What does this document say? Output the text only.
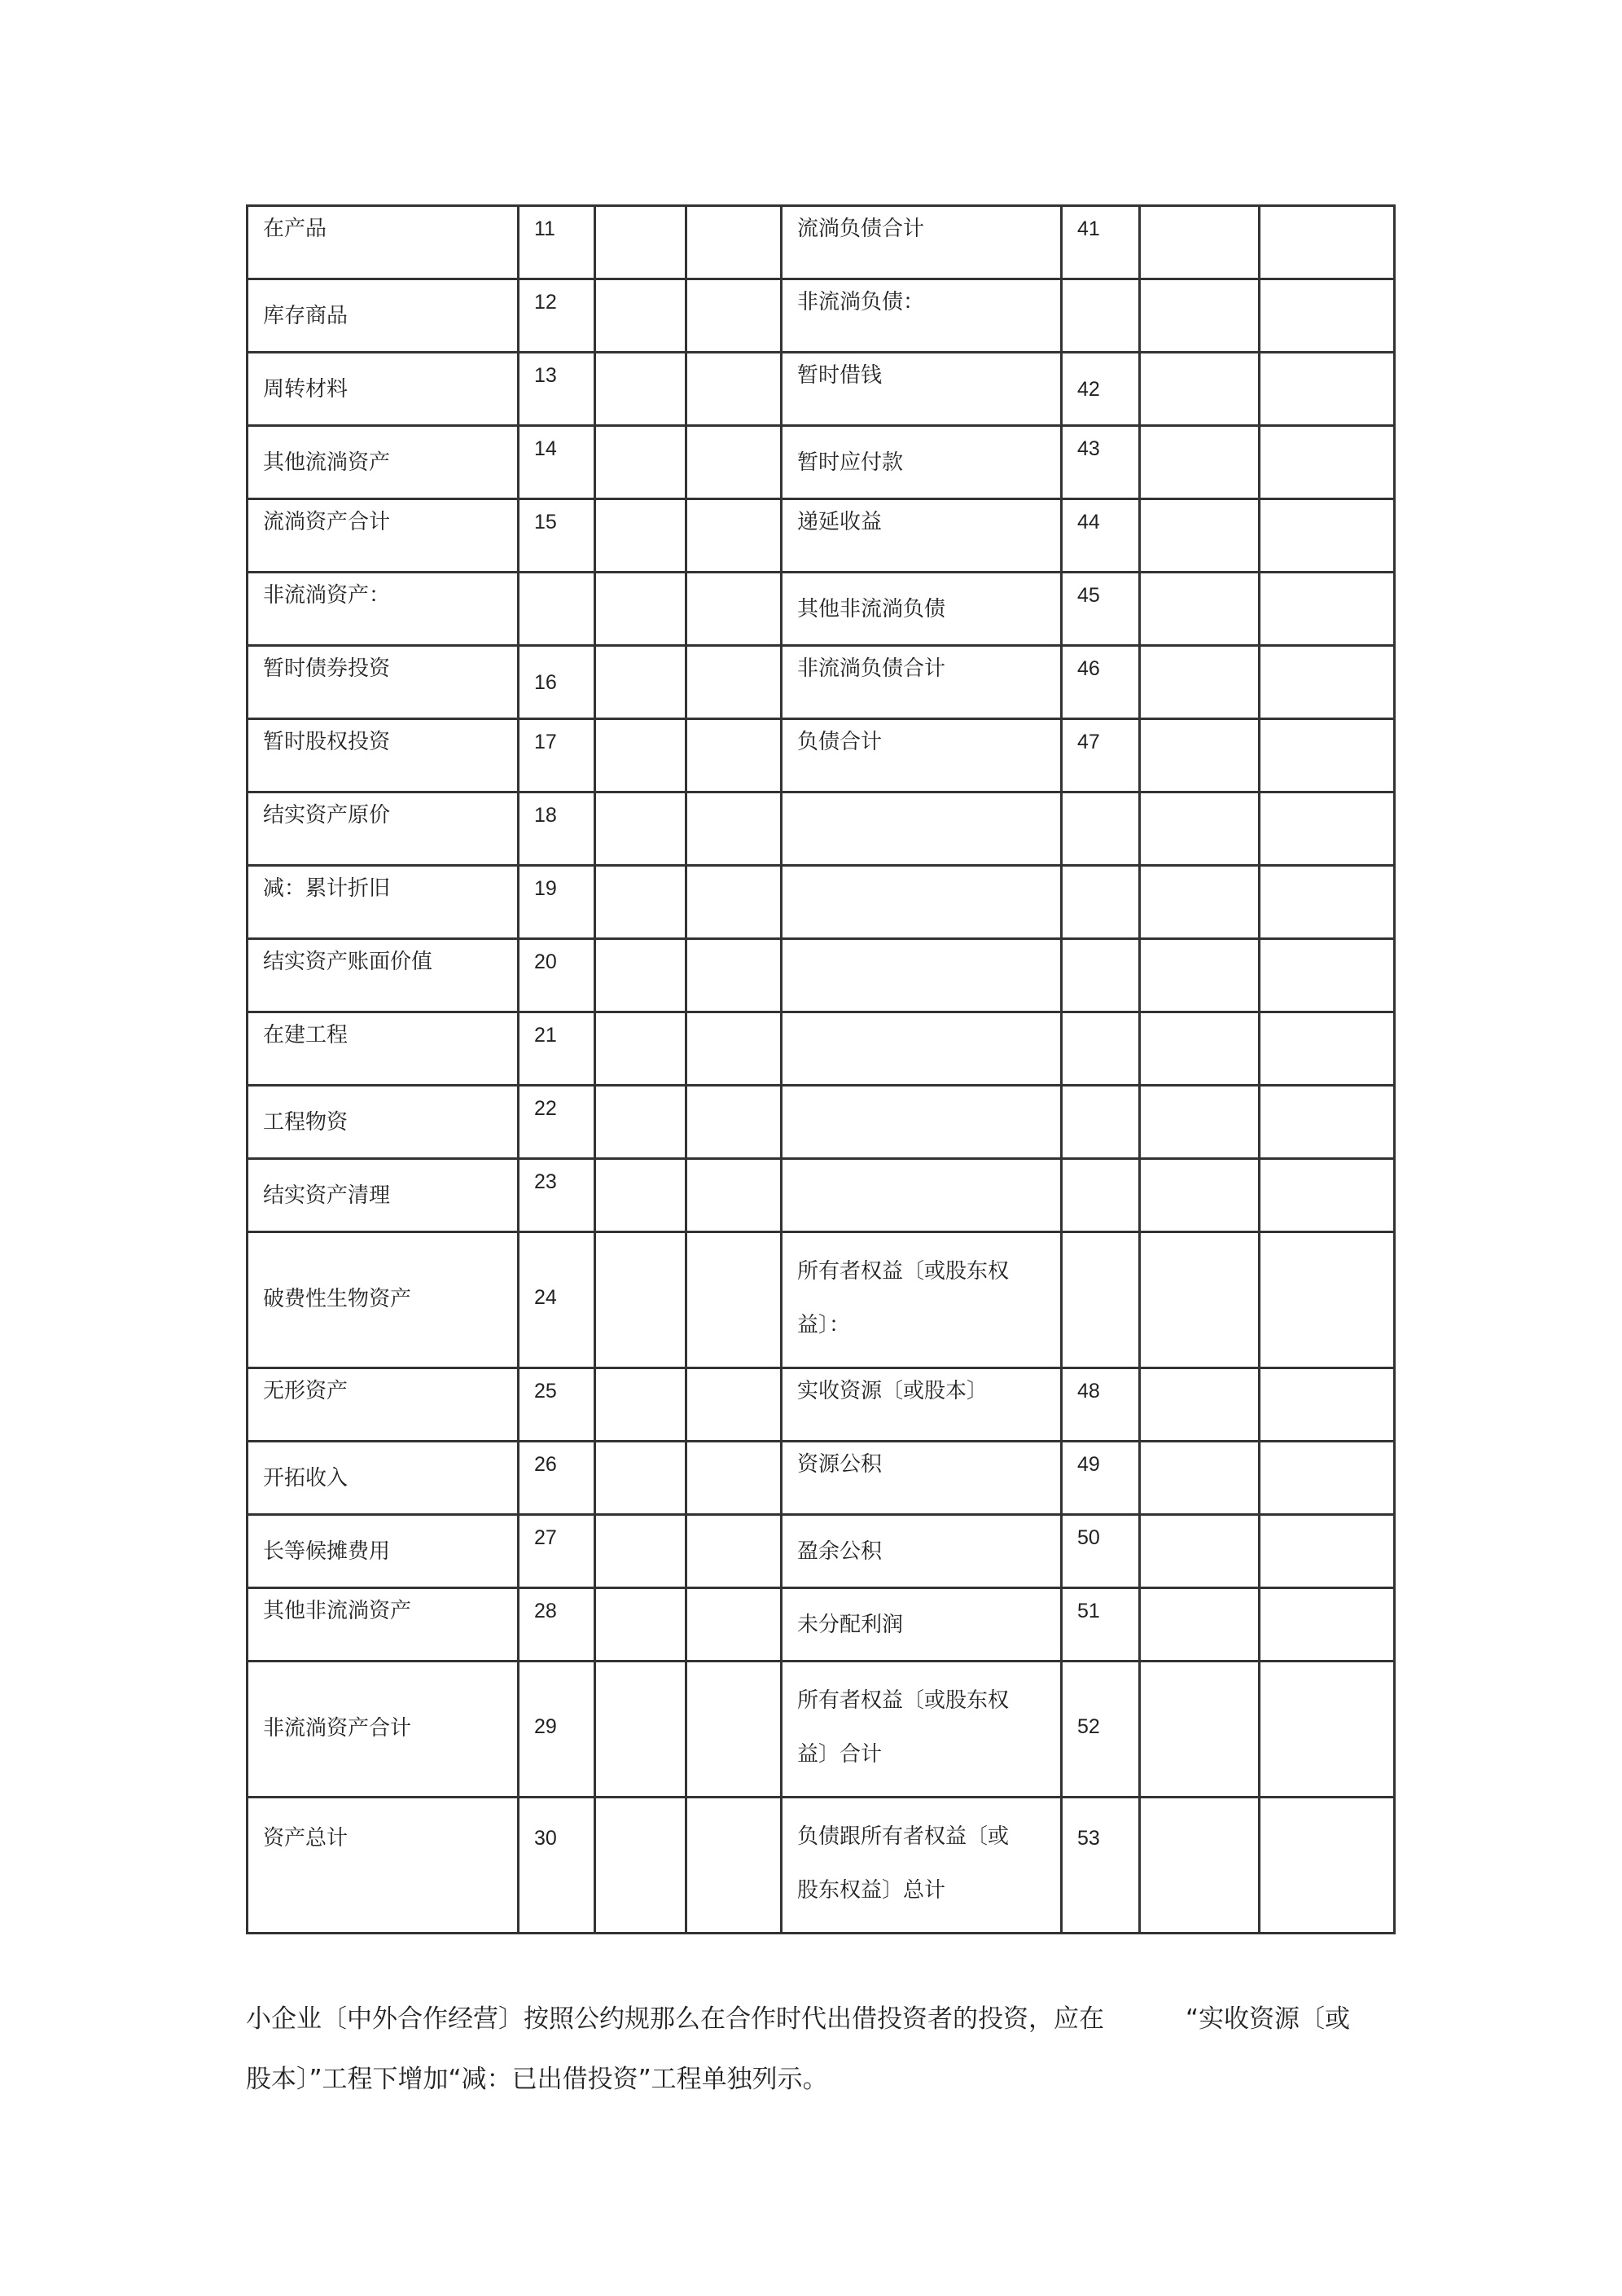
在产品	11			流淌负债合计	41		

库存商品	12			非流淌负债：			

周转材料	13			暂时借钱	42		

其他流淌资产	14			暂时应付款	43		

流淌资产合计	15			递延收益	44		

非流淌资产：				其他非流淌负债	45		

暂时债券投资	16			非流淌负债合计	46		

暂时股权投资	17			负债合计	47		

结实资产原价	18						

减：累计折旧	19						

结实资产账面价值	20						

在建工程	21						

工程物资	22						

结实资产清理	23						

破费性生物资产	24			所有者权益〔或股东权
益〕：			

无形资产	25			实收资源〔或股本〕	48		

开拓收入	26			资源公积	49		

长等候摊费用	27			盈余公积	50		

其他非流淌资产	28			未分配利润	51		

非流淌资产合计	29			所有者权益〔或股东权
益〕合计	52		

资产总计	30			负债跟所有者权益〔或
股东权益〕总计	53		

小企业〔中外合作经营〕按照公约规那么在合作时代出借投资者的投资，应在	“实收资源〔或
股本〕”工程下增加“减：已出借投资”工程单独列示。
